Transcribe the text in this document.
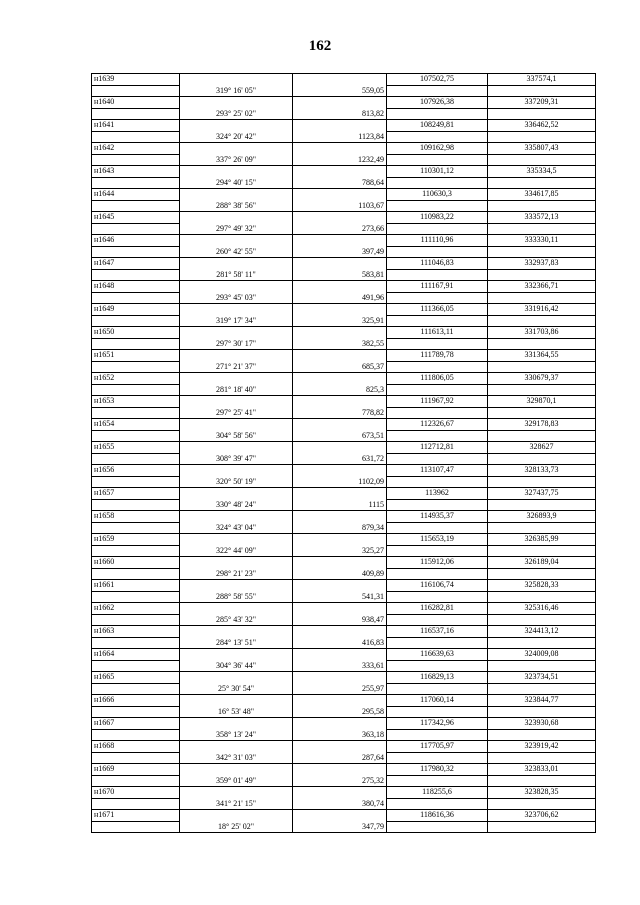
162
н1639			107502,75	337574,1
	319° 16' 05"	559,05		
н1640			107926,38	337209,31
	293° 25' 02"	813,82		
н1641			108249,81	336462,52
	324° 20' 42"	1123,84		
н1642			109162,98	335807,43
	337° 26' 09"	1232,49		
н1643			110301,12	335334,5
	294° 40' 15"	788,64		
н1644			110630,3	334617,85
	288° 38' 56"	1103,67		
н1645			110983,22	333572,13
	297° 49' 32"	273,66		
н1646			111110,96	333330,11
	260° 42' 55"	397,49		
н1647			111046,83	332937,83
	281° 58' 11"	583,81		
н1648			111167,91	332366,71
	293° 45' 03"	491,96		
н1649			111366,05	331916,42
	319° 17' 34"	325,91		
н1650			111613,11	331703,86
	297° 30' 17"	382,55		
н1651			111789,78	331364,55
	271° 21' 37"	685,37		
н1652			111806,05	330679,37
	281° 18' 40"	825,3		
н1653			111967,92	329870,1
	297° 25' 41"	778,82		
н1654			112326,67	329178,83
	304° 58' 56"	673,51		
н1655			112712,81	328627
	308° 39' 47"	631,72		
н1656			113107,47	328133,73
	320° 50' 19"	1102,09		
н1657			113962	327437,75
	330° 48' 24"	1115		
н1658			114935,37	326893,9
	324° 43' 04"	879,34		
н1659			115653,19	326385,99
	322° 44' 09"	325,27		
н1660			115912,06	326189,04
	298° 21' 23"	409,89		
н1661			116106,74	325828,33
	288° 58' 55"	541,31		
н1662			116282,81	325316,46
	285° 43' 32"	938,47		
н1663			116537,16	324413,12
	284° 13' 51"	416,83		
н1664			116639,63	324009,08
	304° 36' 44"	333,61		
н1665			116829,13	323734,51
	25° 30' 54"	255,97		
н1666			117060,14	323844,77
	16° 53' 48"	295,58		
н1667			117342,96	323930,68
	358° 13' 24"	363,18		
н1668			117705,97	323919,42
	342° 31' 03"	287,64		
н1669			117980,32	323833,01
	359° 01' 49"	275,32		
н1670			118255,6	323828,35
	341° 21' 15"	380,74		
н1671			118616,36	323706,62
	18° 25' 02"	347,79		
